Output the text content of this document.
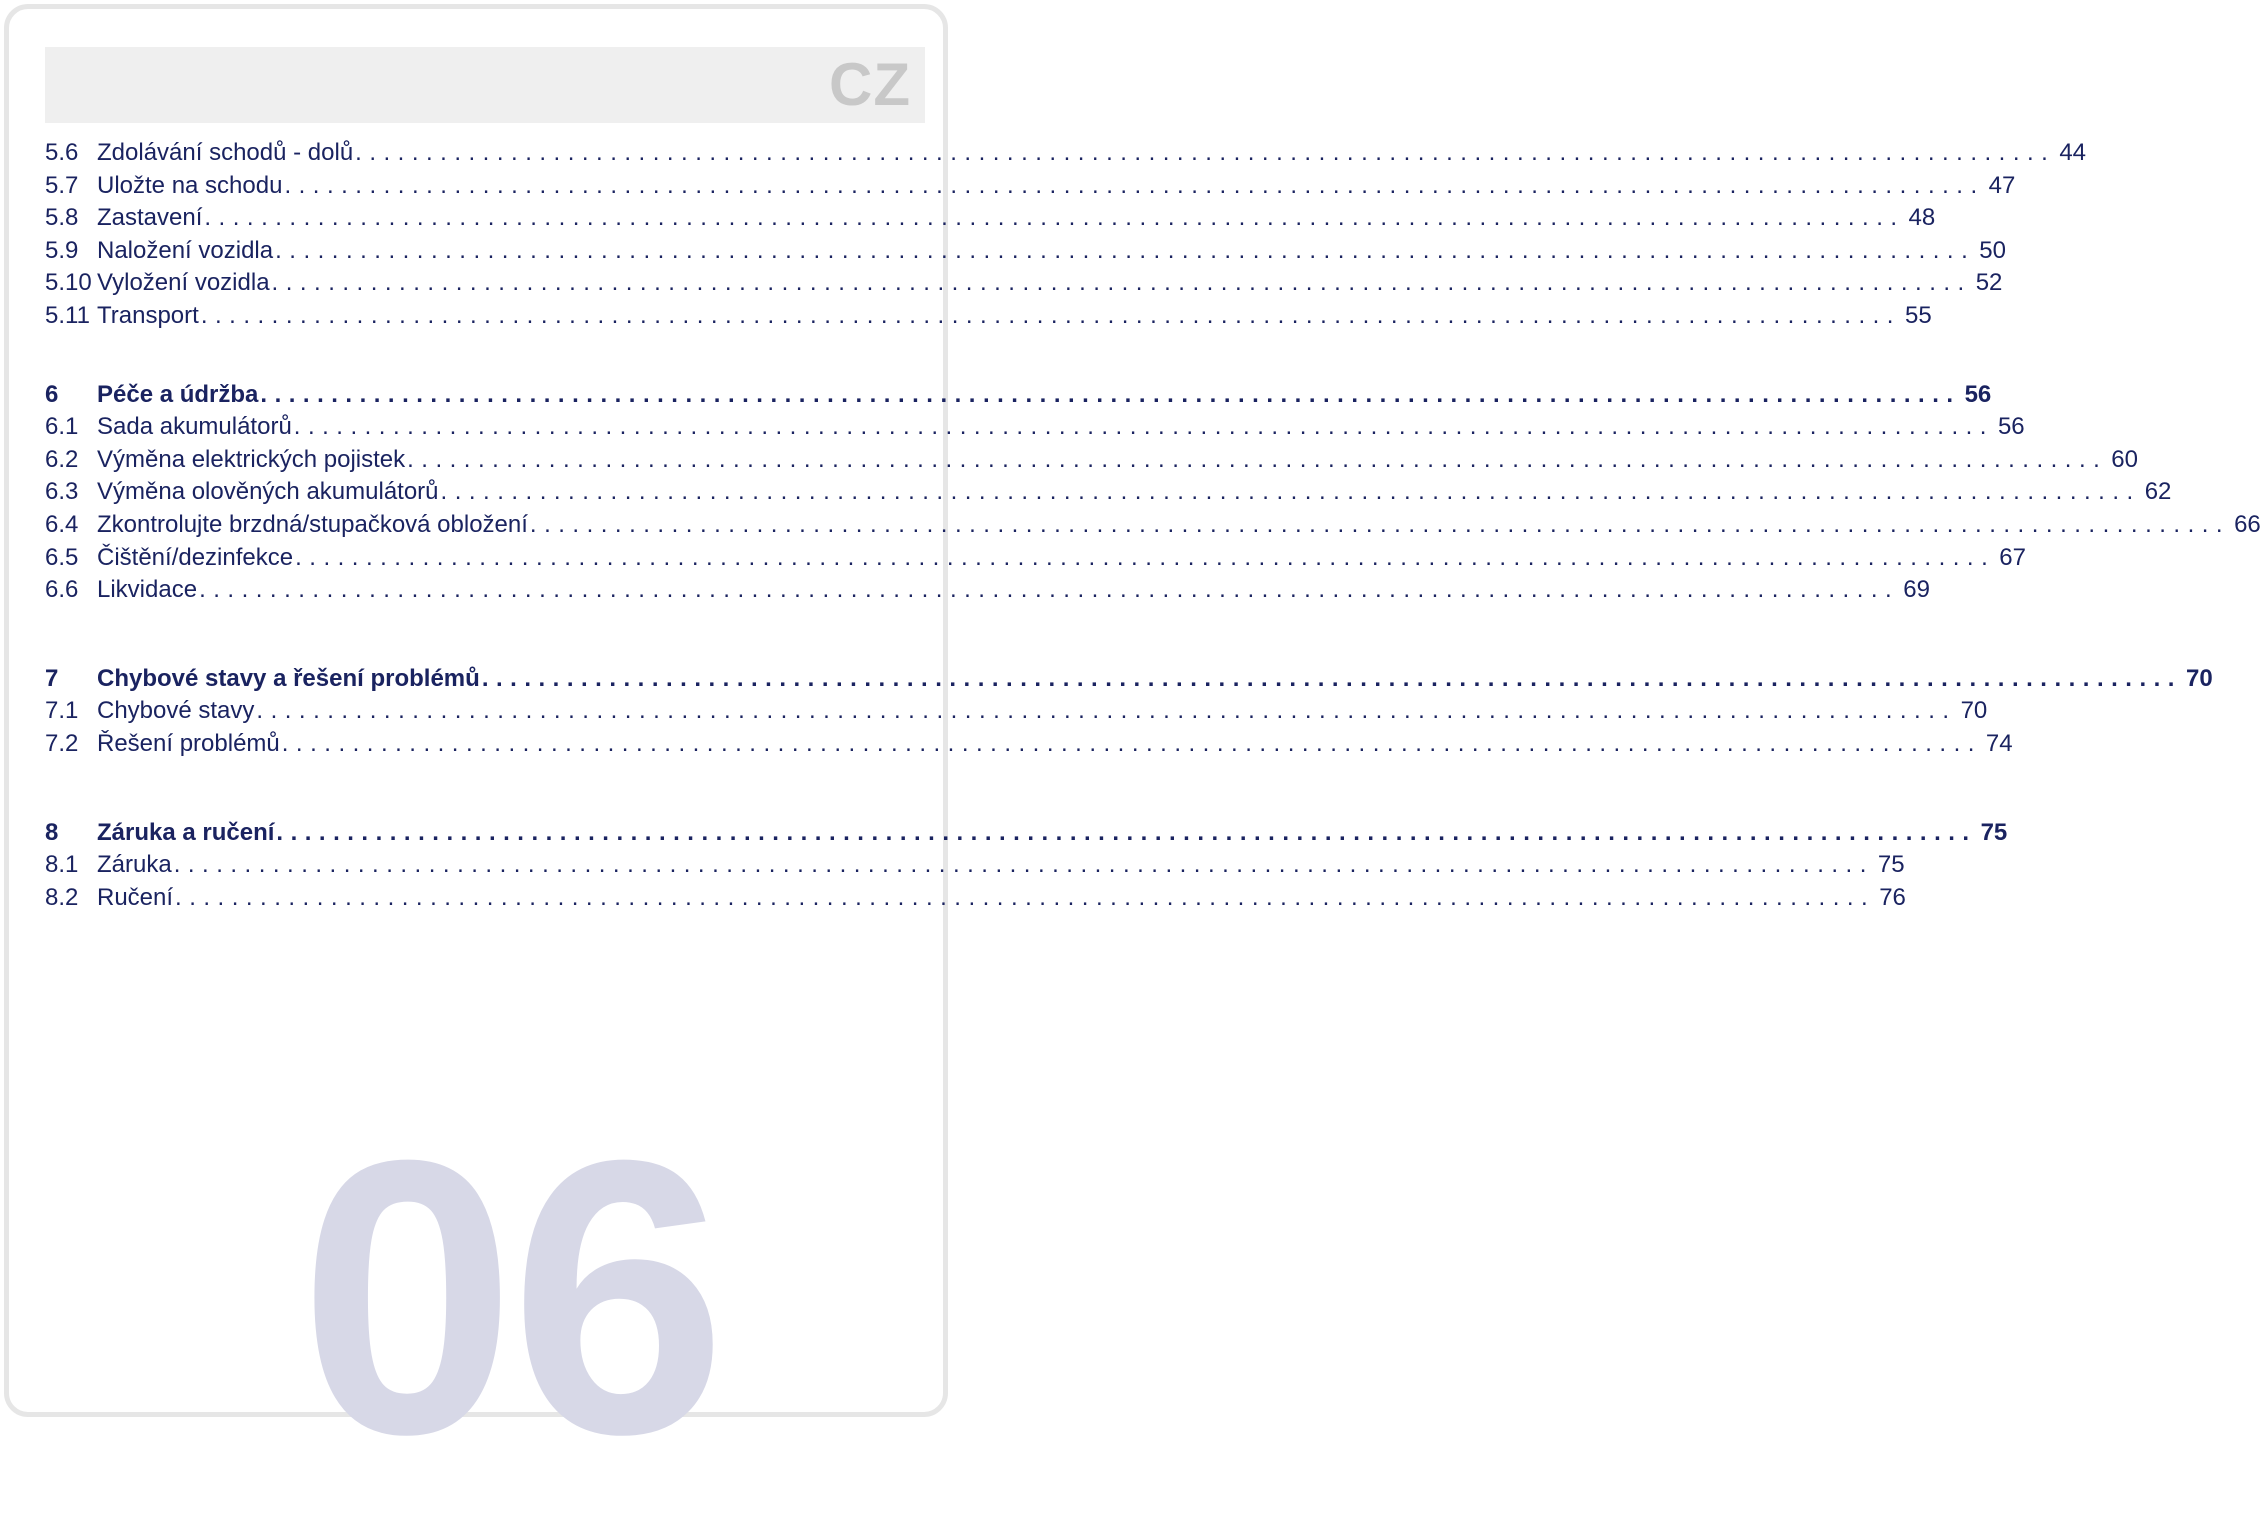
CZ
5.6 Zdolávání schodů - dolů ........................................................................................................................ 44
5.7 Uložte na schodu ........................................................................................................................ 47
5.8 Zastavení ........................................................................................................................ 48
5.9 Naložení vozidla ........................................................................................................................ 50
5.10 Vyložení vozidla ........................................................................................................................ 52
5.11 Transport ........................................................................................................................ 55
6	Péče a údržba ........................................................................................................................ 56
6.1 Sada akumulátorů ........................................................................................................................ 56
6.2 Výměna elektrických pojistek ........................................................................................................................ 60
6.3 Výměna olověných akumulátorů ........................................................................................................................ 62
6.4 Zkontrolujte brzdná/stupačková obložení ........................................................................................................................ 66
6.5 Čištění/dezinfekce ........................................................................................................................ 67
6.6 Likvidace ........................................................................................................................ 69
7	Chybové stavy a řešení problémů ........................................................................................................................ 70
7.1 Chybové stavy ........................................................................................................................ 70
7.2 Řešení problémů ........................................................................................................................ 74
8	Záruka a ručení ........................................................................................................................ 75
8.1 Záruka ........................................................................................................................ 75
8.2 Ručení ........................................................................................................................ 76
06
